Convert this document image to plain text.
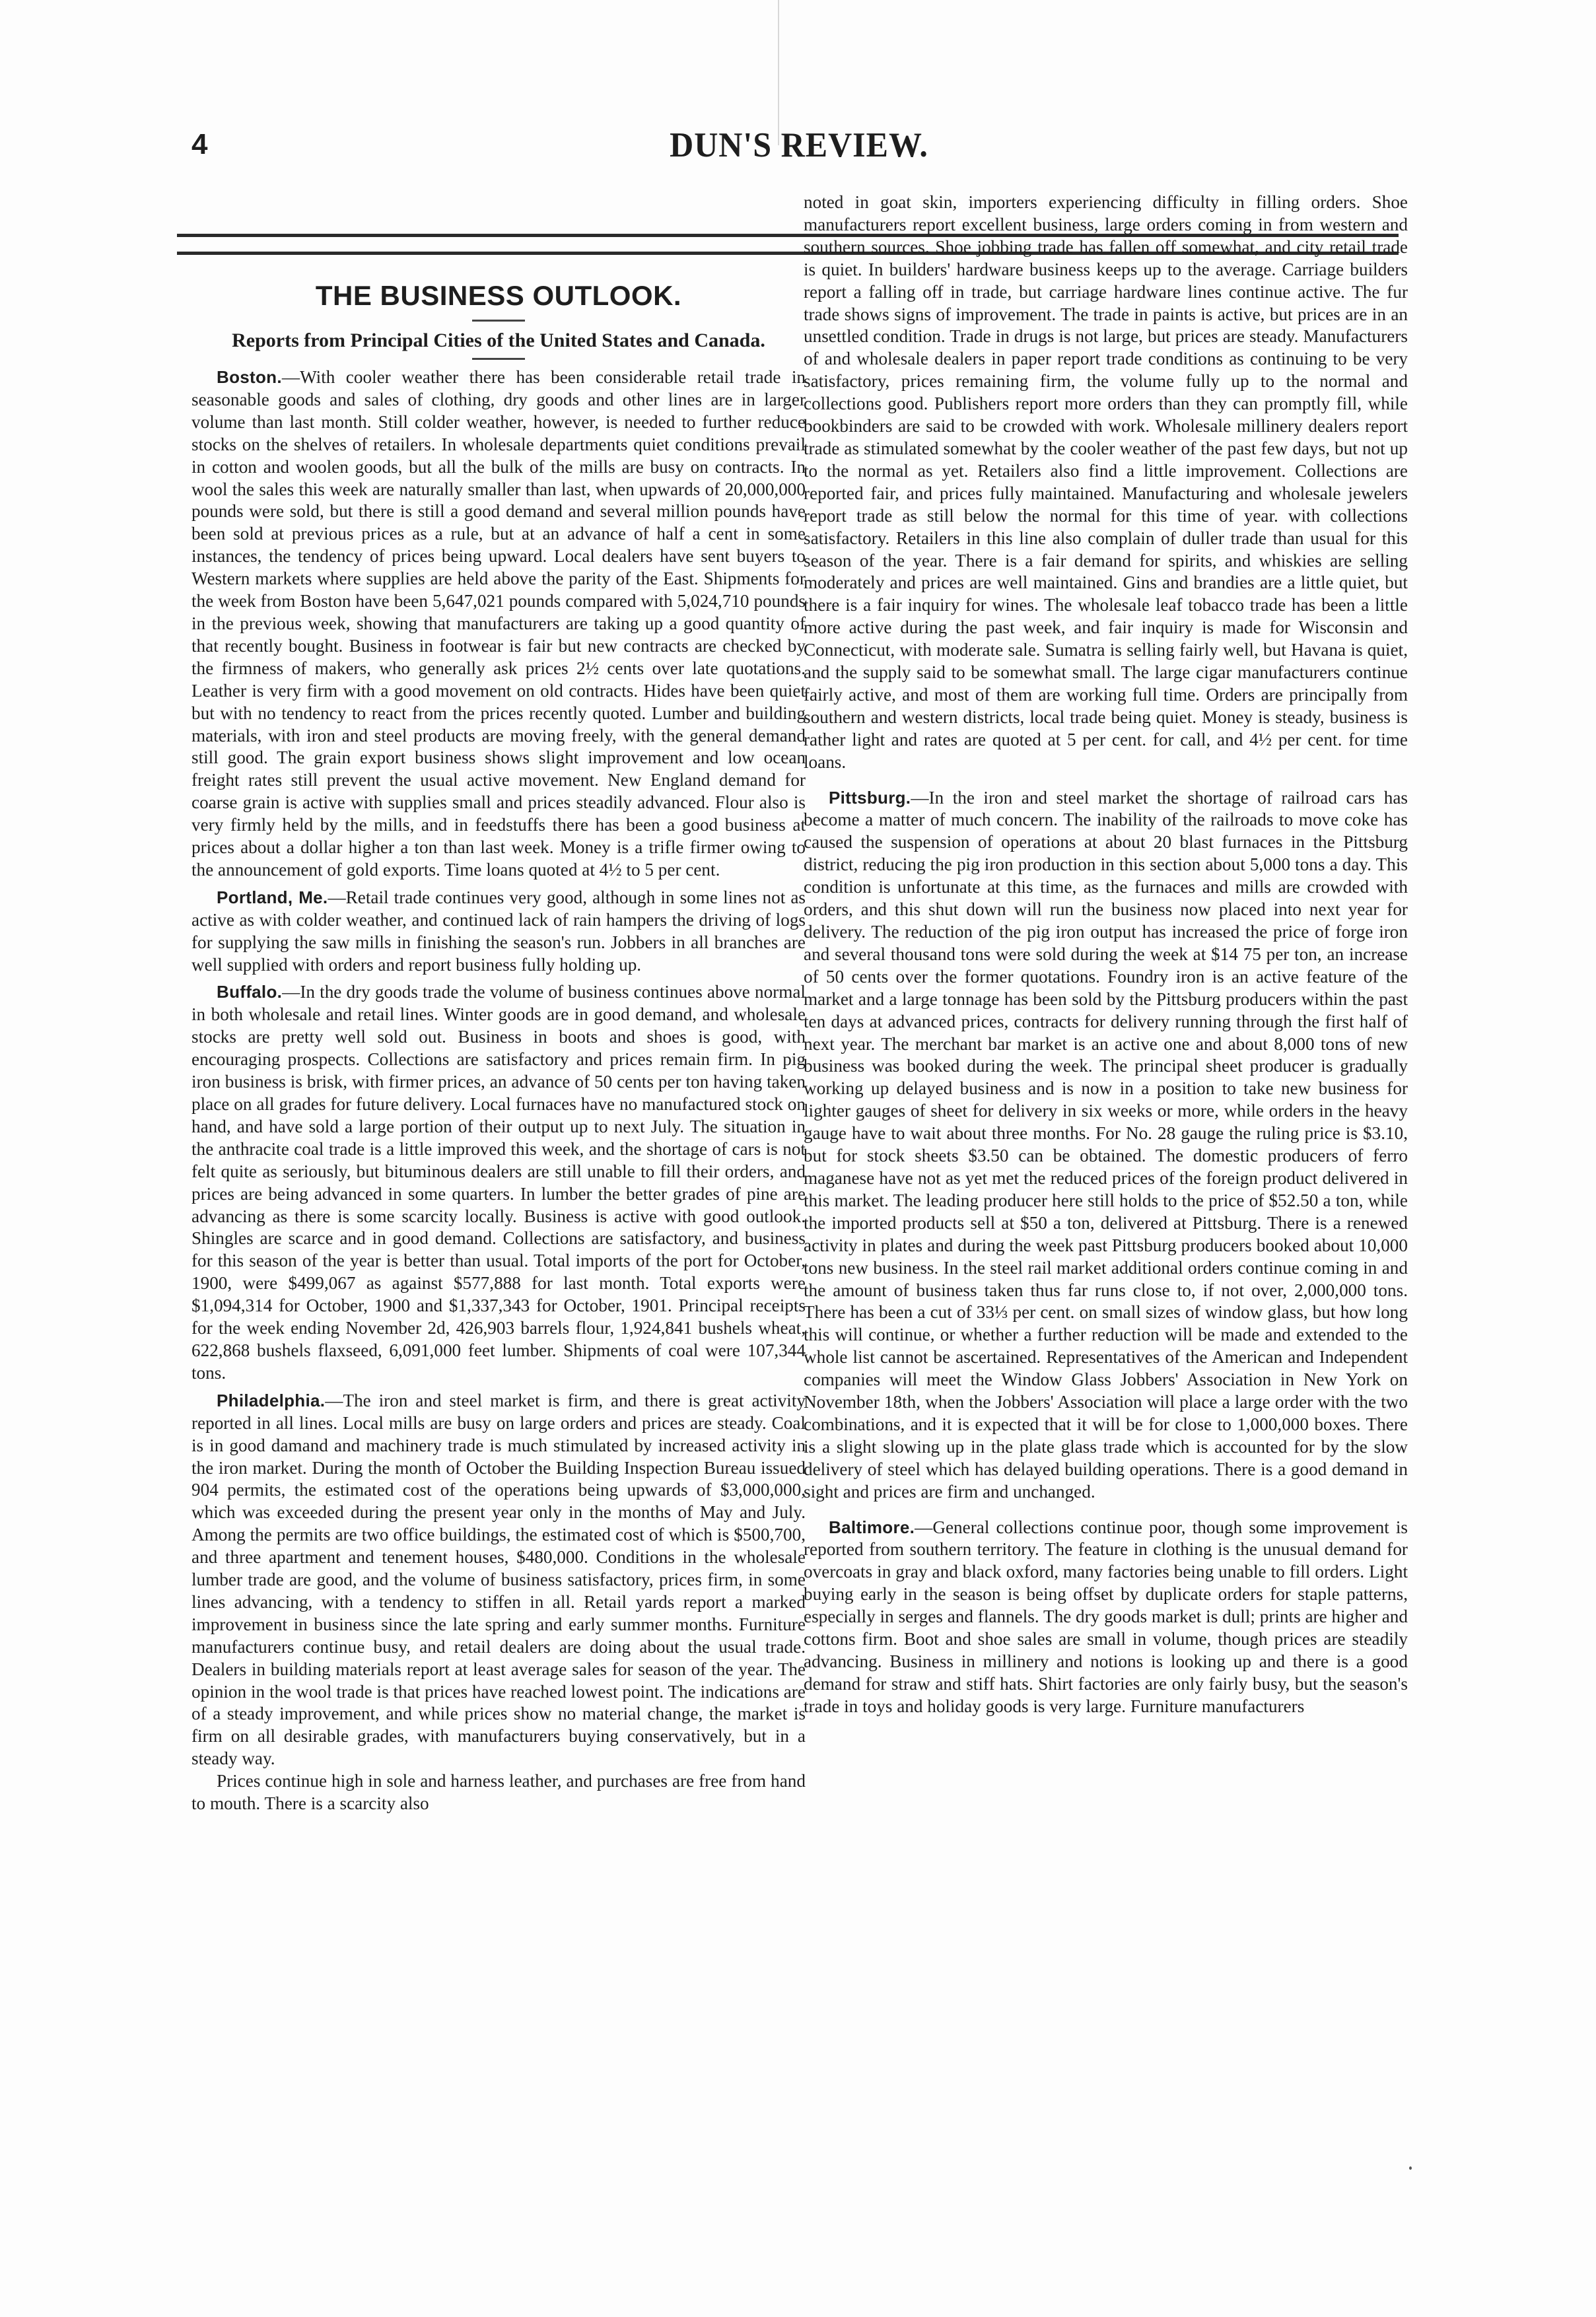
4	DUN'S REVIEW.
THE BUSINESS OUTLOOK.

Reports from Principal Cities of the United States and Canada.

Boston.—With cooler weather there has been considerable retail trade in seasonable goods and sales of clothing, dry goods and other lines are in larger volume than last month. Still colder weather, however, is needed to further reduce stocks on the shelves of retailers. In wholesale departments quiet conditions prevail in cotton and woolen goods, but all the bulk of the mills are busy on contracts. In wool the sales this week are naturally smaller than last, when upwards of 20,000,000 pounds were sold, but there is still a good demand and several million pounds have been sold at previous prices as a rule, but at an advance of half a cent in some instances, the tendency of prices being upward. Local dealers have sent buyers to Western markets where supplies are held above the parity of the East. Shipments for the week from Boston have been 5,647,021 pounds compared with 5,024,710 pounds in the previous week, showing that manufacturers are taking up a good quantity of that recently bought. Business in footwear is fair but new contracts are checked by the firmness of makers, who generally ask prices 2½ cents over late quotations. Leather is very firm with a good movement on old contracts. Hides have been quiet but with no tendency to react from the prices recently quoted. Lumber and building materials, with iron and steel products are moving freely, with the general demand still good. The grain export business shows slight improvement and low ocean freight rates still prevent the usual active movement. New England demand for coarse grain is active with supplies small and prices steadily advanced. Flour also is very firmly held by the mills, and in feedstuffs there has been a good business at prices about a dollar higher a ton than last week. Money is a trifle firmer owing to the announcement of gold exports. Time loans quoted at 4½ to 5 per cent.

Portland, Me.—Retail trade continues very good, although in some lines not as active as with colder weather, and continued lack of rain hampers the driving of logs for supplying the saw mills in finishing the season's run. Jobbers in all branches are well supplied with orders and report business fully holding up.

Buffalo.—In the dry goods trade the volume of business continues above normal in both wholesale and retail lines. Winter goods are in good demand, and wholesale stocks are pretty well sold out. Business in boots and shoes is good, with encouraging prospects. Collections are satisfactory and prices remain firm. In pig iron business is brisk, with firmer prices, an advance of 50 cents per ton having taken place on all grades for future delivery. Local furnaces have no manufactured stock on hand, and have sold a large portion of their output up to next July. The situation in the anthracite coal trade is a little improved this week, and the shortage of cars is not felt quite as seriously, but bituminous dealers are still unable to fill their orders, and prices are being advanced in some quarters. In lumber the better grades of pine are advancing as there is some scarcity locally. Business is active with good outlook. Shingles are scarce and in good demand. Collections are satisfactory, and business for this season of the year is better than usual. Total imports of the port for October, 1900, were $499,067 as against $577,888 for last month. Total exports were $1,094,314 for October, 1900 and $1,337,343 for October, 1901. Principal receipts for the week ending November 2d, 426,903 barrels flour, 1,924,841 bushels wheat, 622,868 bushels flaxseed, 6,091,000 feet lumber. Shipments of coal were 107,344 tons.

Philadelphia.—The iron and steel market is firm, and there is great activity reported in all lines. Local mills are busy on large orders and prices are steady. Coal is in good damand and machinery trade is much stimulated by increased activity in the iron market. During the month of October the Building Inspection Bureau issued 904 permits, the estimated cost of the operations being upwards of $3,000,000, which was exceeded during the present year only in the months of May and July. Among the permits are two office buildings, the estimated cost of which is $500,700, and three apartment and tenement houses, $480,000. Conditions in the wholesale lumber trade are good, and the volume of business satisfactory, prices firm, in some lines advancing, with a tendency to stiffen in all. Retail yards report a marked improvement in business since the late spring and early summer months. Furniture manufacturers continue busy, and retail dealers are doing about the usual trade. Dealers in building materials report at least average sales for season of the year. The opinion in the wool trade is that prices have reached lowest point. The indications are of a steady improvement, and while prices show no material change, the market is firm on all desirable grades, with manufacturers buying conservatively, but in a steady way.

Prices continue high in sole and harness leather, and purchases are free from hand to mouth. There is a scarcity also

noted in goat skin, importers experiencing difficulty in filling orders. Shoe manufacturers report excellent business, large orders coming in from western and southern sources. Shoe jobbing trade has fallen off somewhat, and city retail trade is quiet. In builders' hardware business keeps up to the average. Carriage builders report a falling off in trade, but carriage hardware lines continue active. The fur trade shows signs of improvement. The trade in paints is active, but prices are in an unsettled condition. Trade in drugs is not large, but prices are steady. Manufacturers of and wholesale dealers in paper report trade conditions as continuing to be very satisfactory, prices remaining firm, the volume fully up to the normal and collections good. Publishers report more orders than they can promptly fill, while bookbinders are said to be crowded with work. Wholesale millinery dealers report trade as stimulated somewhat by the cooler weather of the past few days, but not up to the normal as yet. Retailers also find a little improvement. Collections are reported fair, and prices fully maintained. Manufacturing and wholesale jewelers report trade as still below the normal for this time of year. with collections satisfactory. Retailers in this line also complain of duller trade than usual for this season of the year. There is a fair demand for spirits, and whiskies are selling moderately and prices are well maintained. Gins and brandies are a little quiet, but there is a fair inquiry for wines. The wholesale leaf tobacco trade has been a little more active during the past week, and fair inquiry is made for Wisconsin and Connecticut, with moderate sale. Sumatra is selling fairly well, but Havana is quiet, and the supply said to be somewhat small. The large cigar manufacturers continue fairly active, and most of them are working full time. Orders are principally from southern and western districts, local trade being quiet. Money is steady, business is rather light and rates are quoted at 5 per cent. for call, and 4½ per cent. for time loans.

Pittsburg.—In the iron and steel market the shortage of railroad cars has become a matter of much concern. The inability of the railroads to move coke has caused the suspension of operations at about 20 blast furnaces in the Pittsburg district, reducing the pig iron production in this section about 5,000 tons a day. This condition is unfortunate at this time, as the furnaces and mills are crowded with orders, and this shut down will run the business now placed into next year for delivery. The reduction of the pig iron output has increased the price of forge iron and several thousand tons were sold during the week at $14 75 per ton, an increase of 50 cents over the former quotations. Foundry iron is an active feature of the market and a large tonnage has been sold by the Pittsburg producers within the past ten days at advanced prices, contracts for delivery running through the first half of next year. The merchant bar market is an active one and about 8,000 tons of new business was booked during the week. The principal sheet producer is gradually working up delayed business and is now in a position to take new business for lighter gauges of sheet for delivery in six weeks or more, while orders in the heavy gauge have to wait about three months. For No. 28 gauge the ruling price is $3.10, but for stock sheets $3.50 can be obtained. The domestic producers of ferro maganese have not as yet met the reduced prices of the foreign product delivered in this market. The leading producer here still holds to the price of $52.50 a ton, while the imported products sell at $50 a ton, delivered at Pittsburg. There is a renewed activity in plates and during the week past Pittsburg producers booked about 10,000 tons new business. In the steel rail market additional orders continue coming in and the amount of business taken thus far runs close to, if not over, 2,000,000 tons. There has been a cut of 33⅓ per cent. on small sizes of window glass, but how long this will continue, or whether a further reduction will be made and extended to the whole list cannot be ascertained. Representatives of the American and Independent companies will meet the Window Glass Jobbers' Association in New York on November 18th, when the Jobbers' Association will place a large order with the two combinations, and it is expected that it will be for close to 1,000,000 boxes. There is a slight slowing up in the plate glass trade which is accounted for by the slow delivery of steel which has delayed building operations. There is a good demand in sight and prices are firm and unchanged.

Baltimore.—General collections continue poor, though some improvement is reported from southern territory. The feature in clothing is the unusual demand for overcoats in gray and black oxford, many factories being unable to fill orders. Light buying early in the season is being offset by duplicate orders for staple patterns, especially in serges and flannels. The dry goods market is dull; prints are higher and cottons firm. Boot and shoe sales are small in volume, though prices are steadily advancing. Business in millinery and notions is looking up and there is a good demand for straw and stiff hats. Shirt factories are only fairly busy, but the season's trade in toys and holiday goods is very large. Furniture manufacturers
